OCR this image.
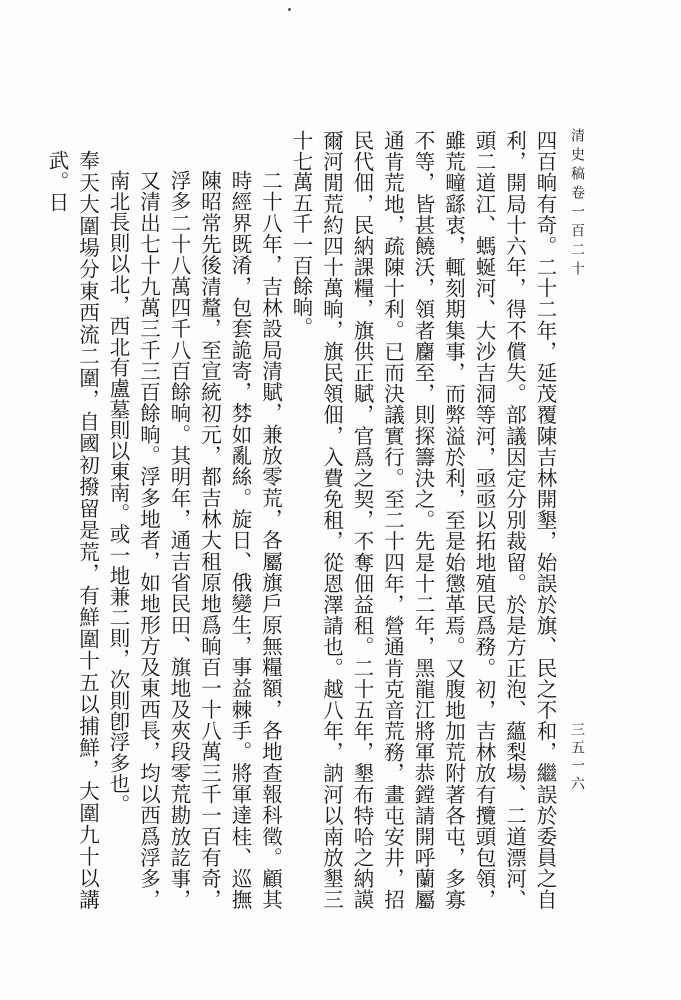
清史稿卷一百二十
三五一六

四百晌有奇。二十二年，延茂覆陳吉林開墾，始誤於旗、民之不和，繼誤於委員之自利，開局十六年，得不償失。部議因定分別裁留。於是方正泡、蘊梨場、二道漂河、頭二道江、螞蜒河、大沙吉洞等河，亟亟以拓地殖民爲務。初，吉林放有攬頭包領，雖荒疃繇衷，輒刻期集事，而弊溢於利，至是始懲革焉。又腹地加荒附著各屯，多寡不等，皆甚饒沃，領者麕至，則探籌決之。先是十二年，黑龍江將軍恭鏜請開呼蘭屬通肯荒地，疏陳十利。已而決議實行。至二十四年，營通肯克音荒務，畫屯安井，招民代佃，民納課糧，旗供正賦，官爲之契，不奪佃益租。二十五年，墾布特哈之納謨爾河閒荒約四十萬晌，旗民領佃，入費免租，從恩澤請也。越八年，訥河以南放墾三十七萬五千一百餘晌。

二十八年，吉林設局清賦，兼放零荒，各屬旗戶原無糧額，各地查報科徵。顧其時經界既淆，包套詭寄，棼如亂絲。旋日、俄變生，事益棘手。將軍達桂、巡撫陳昭常先後清釐，至宣統初元，都吉林大租原地爲晌百一十八萬三千一百有奇，浮多二十八萬四千八百餘晌。其明年，通吉省民田、旗地及夾段零荒勘放訖事，又清出七十九萬三千三百餘晌。浮多地者，如地形方及東西長，均以西爲浮多，南北長則以北，西北有盧墓則以東南。或一地兼二則，次則卽浮多也。

奉天大圍場分東西流二圍，自國初撥留是荒，有鮮圍十五以捕鮮，大圍九十以講武。日
